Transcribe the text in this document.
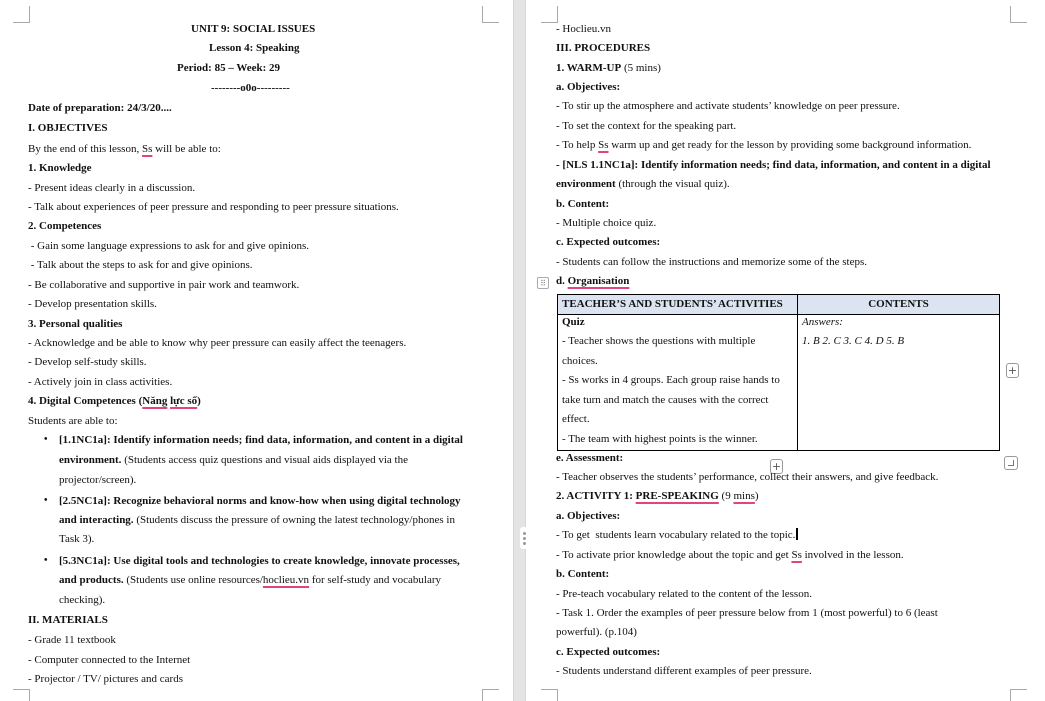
UNIT 9: SOCIAL ISSUES
Lesson 4: Speaking
Period: 85 – Week: 29
--------o0o---------
Date of preparation: 24/3/20....
I. OBJECTIVES
By the end of this lesson, Ss will be able to:
1. Knowledge
- Present ideas clearly in a discussion.
- Talk about experiences of peer pressure and responding to peer pressure situations.
2. Competences
- Gain some language expressions to ask for and give opinions.
- Talk about the steps to ask for and give opinions.
- Be collaborative and supportive in pair work and teamwork.
- Develop presentation skills.
3. Personal qualities
- Acknowledge and be able to know why peer pressure can easily affect the teenagers.
- Develop self-study skills.
- Actively join in class activities.
4. Digital Competences (Năng lực sổ)
Students are able to:
• [1.1NC1a]: Identify information needs; find data, information, and content in a digital
environment. (Students access quiz questions and visual aids displayed via the
projector/screen).
• [2.5NC1a]: Recognize behavioral norms and know-how when using digital technology
and interacting. (Students discuss the pressure of owning the latest technology/phones in
Task 3).
• [5.3NC1a]: Use digital tools and technologies to create knowledge, innovate processes,
and products. (Students use online resources/hoclieu.vn for self-study and vocabulary
checking).
II. MATERIALS
- Grade 11 textbook
- Computer connected to the Internet
- Projector / TV/ pictures and cards
- Hoclieu.vn
III. PROCEDURES
1. WARM-UP (5 mins)
a. Objectives:
- To stir up the atmosphere and activate students’ knowledge on peer pressure.
- To set the context for the speaking part.
- To help Ss warm up and get ready for the lesson by providing some background information.
- [NLS 1.1NC1a]: Identify information needs; find data, information, and content in a digital
environment (through the visual quiz).
b. Content:
- Multiple choice quiz.
c. Expected outcomes:
- Students can follow the instructions and memorize some of the steps.
⠿ d. Organisation
TEACHER’S AND STUDENTS’ ACTIVITIES	CONTENTS
Quiz
- Teacher shows the questions with multiple
choices.
- Ss works in 4 groups. Each group raise hands to
take turn and match the causes with the correct
effect.
- The team with highest points is the winner.
Answers:
1. B 2. C 3. C 4. D 5. B
+
+
e. Assessment:
- Teacher observes the students’ performance, collect their answers, and give feedback.
2. ACTIVITY 1: PRE-SPEAKING (9 mins)
a. Objectives:
- To get  students learn vocabulary related to the topic.
- To activate prior knowledge about the topic and get Ss involved in the lesson.
b. Content:
- Pre-teach vocabulary related to the content of the lesson.
- Task 1. Order the examples of peer pressure below from 1 (most powerful) to 6 (least
powerful). (p.104)
c. Expected outcomes:
- Students understand different examples of peer pressure.
